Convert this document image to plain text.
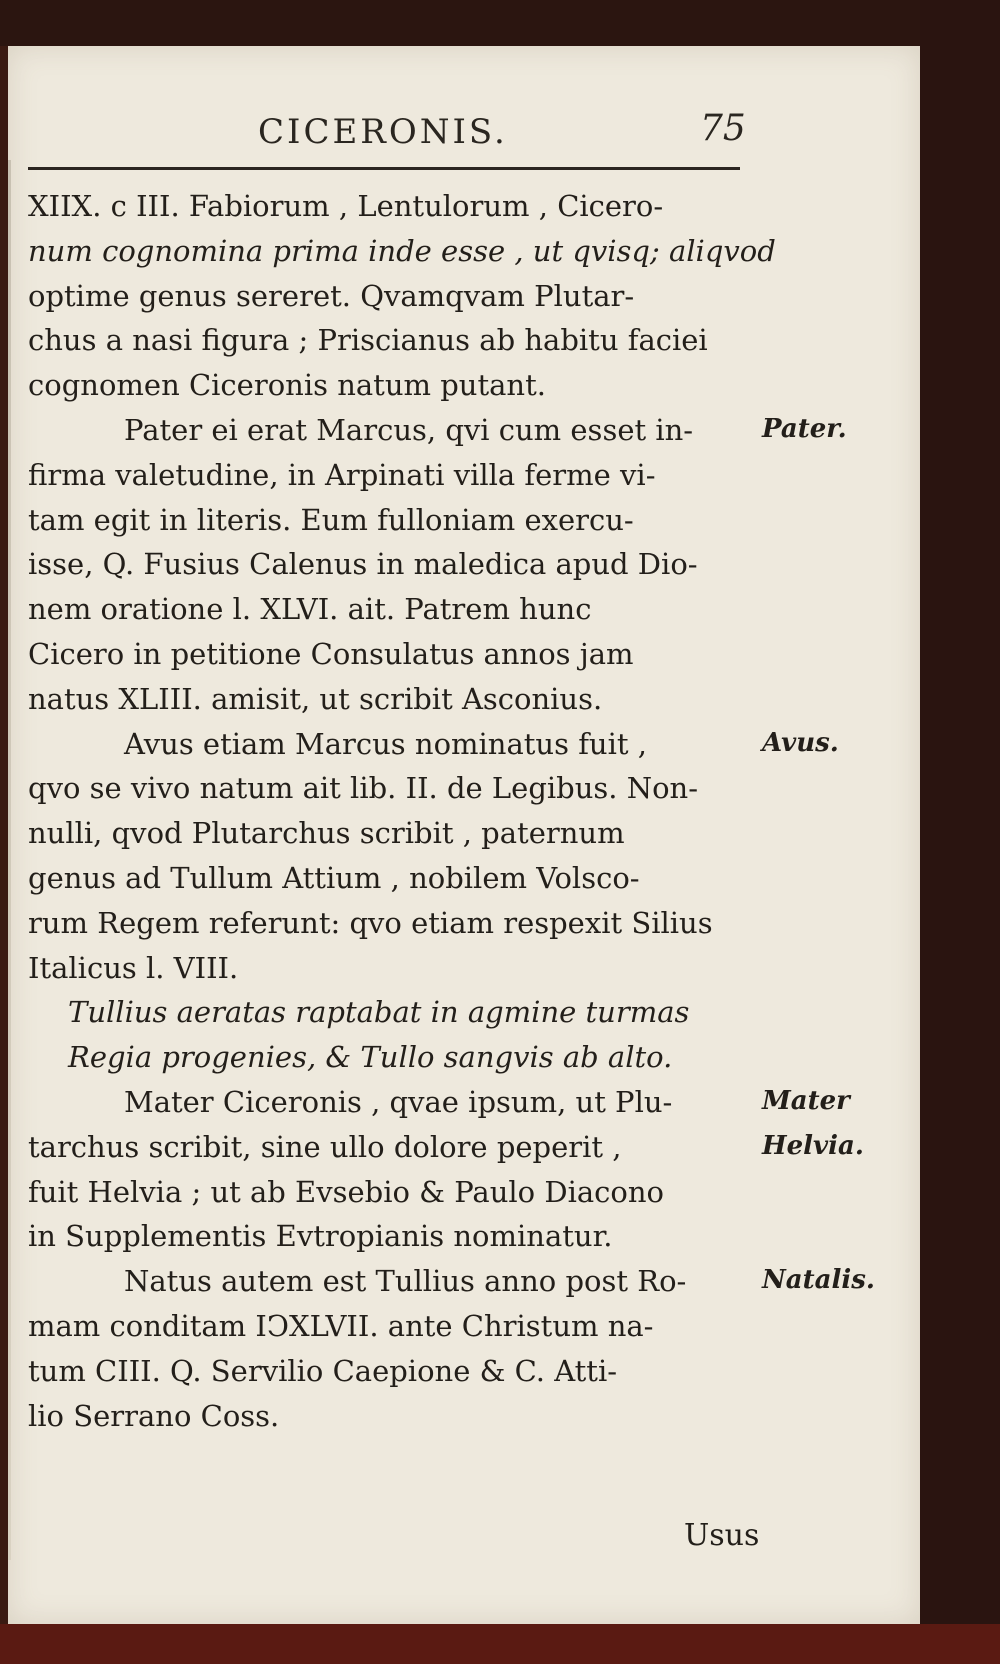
CICERONIS.	75
XIIX. c III. Fabiorum , Lentulorum , Cicero-
num cognomina prima inde esse , ut qvisq; aliqvod
optime genus sereret. Qvamqvam Plutar-
chus a nasi figura ; Priscianus ab habitu faciei
cognomen Ciceronis natum putant.
Pater ei erat Marcus, qvi cum esset in-
firma valetudine, in Arpinati villa ferme vi-
tam egit in literis. Eum fulloniam exercu-
isse, Q. Fusius Calenus in maledica apud Dio-
nem oratione l. XLVI. ait. Patrem hunc
Cicero in petitione Consulatus annos jam
natus XLIII. amisit, ut scribit Asconius.
Avus etiam Marcus nominatus fuit ,
qvo se vivo natum ait lib. II. de Legibus. Non-
nulli, qvod Plutarchus scribit , paternum
genus ad Tullum Attium , nobilem Volsco-
rum Regem referunt: qvo etiam respexit Silius
Italicus l. VIII.
Tullius aeratas raptabat in agmine turmas
Regia progenies, & Tullo sangvis ab alto.
Mater Ciceronis , qvae ipsum, ut Plu-
tarchus scribit, sine ullo dolore peperit ,
fuit Helvia ; ut ab Evsebio & Paulo Diacono
in Supplementis Evtropianis nominatur.
Natus autem est Tullius anno post Ro-
mam conditam IↃXLVII. ante Christum na-
tum CIII. Q. Servilio Caepione & C. Atti-
lio Serrano Coss.
Pater.
Avus.
Mater
Helvia.
Natalis.
Usus
